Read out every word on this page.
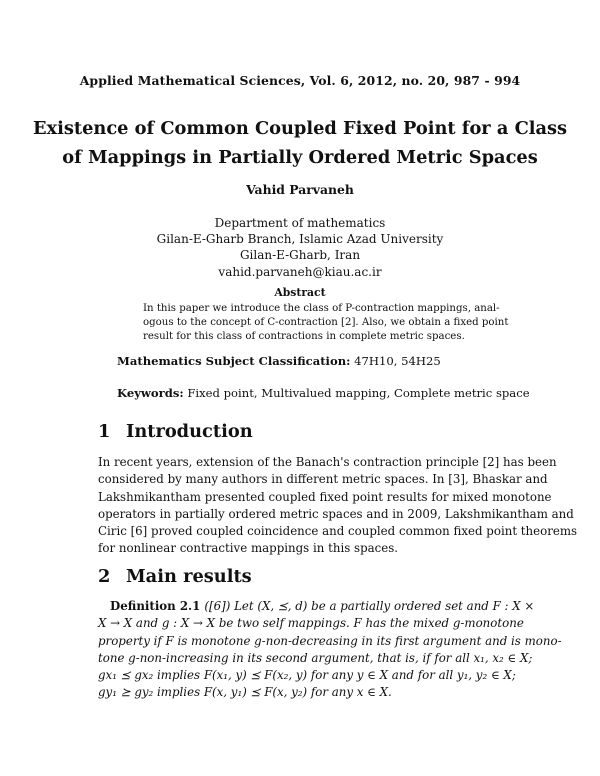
Applied Mathematical Sciences, Vol. 6, 2012, no. 20, 987 - 994
Existence of Common Coupled Fixed Point for a Class
of Mappings in Partially Ordered Metric Spaces
Vahid Parvaneh
Department of mathematics
Gilan-E-Gharb Branch, Islamic Azad University
Gilan-E-Gharb, Iran
vahid.parvaneh@kiau.ac.ir
Abstract
In this paper we introduce the class of P-contraction mappings, anal-
ogous to the concept of C-contraction [2]. Also, we obtain a fixed point
result for this class of contractions in complete metric spaces.
Mathematics Subject Classification: 47H10, 54H25
Keywords: Fixed point, Multivalued mapping, Complete metric space
1 Introduction
In recent years, extension of the Banach's contraction principle [2] has been
considered by many authors in different metric spaces. In [3], Bhaskar and
Lakshmikantham presented coupled fixed point results for mixed monotone
operators in partially ordered metric spaces and in 2009, Lakshmikantham and
Ciric [6] proved coupled coincidence and coupled common fixed point theorems
for nonlinear contractive mappings in this spaces.
2 Main results
Definition 2.1 ([6]) Let (X, ⪯, d) be a partially ordered set and F : X ×
X → X and g : X → X be two self mappings. F has the mixed g-monotone
property if F is monotone g-non-decreasing in its first argument and is mono-
tone g-non-increasing in its second argument, that is, if for all x₁, x₂ ∈ X;
gx₁ ⪯ gx₂ implies F(x₁, y) ⪯ F(x₂, y) for any y ∈ X and for all y₁, y₂ ∈ X;
gy₁ ⪰ gy₂ implies F(x, y₁) ⪯ F(x, y₂) for any x ∈ X.
